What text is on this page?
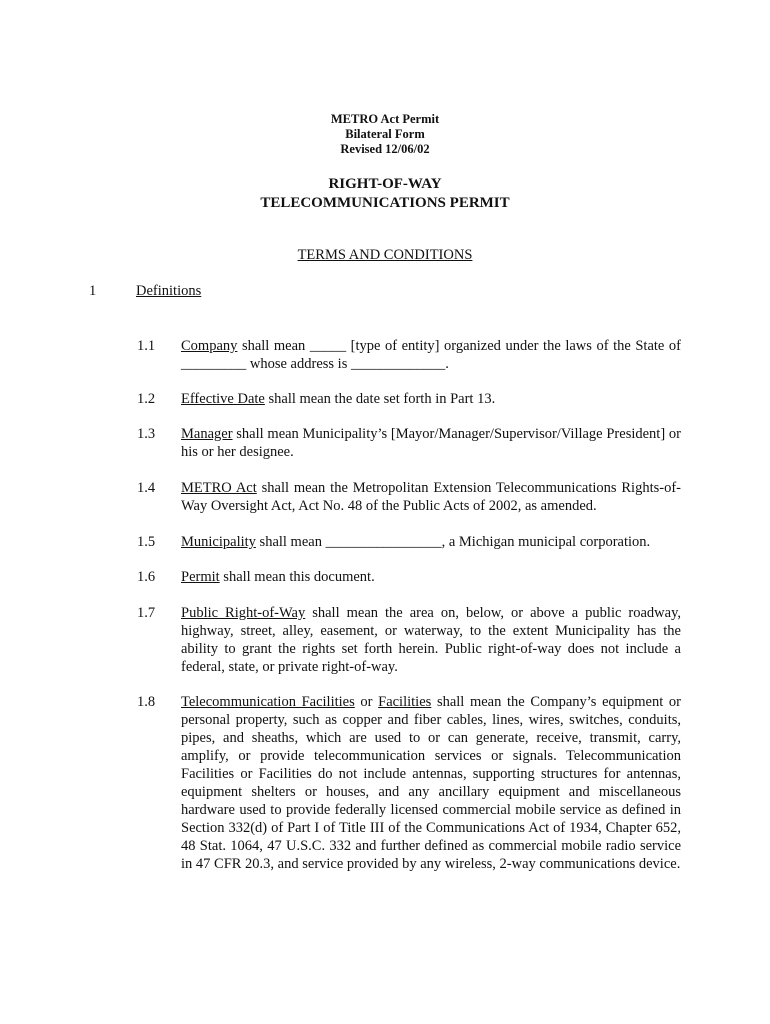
METRO Act Permit
Bilateral Form
Revised 12/06/02
RIGHT-OF-WAY
TELECOMMUNICATIONS PERMIT
TERMS AND CONDITIONS
1	Definitions
1.1 Company shall mean _____ [type of entity] organized under the laws of the State of _________ whose address is _____________.
1.2 Effective Date shall mean the date set forth in Part 13.
1.3 Manager shall mean Municipality’s [Mayor/Manager/Supervisor/Village President] or his or her designee.
1.4 METRO Act shall mean the Metropolitan Extension Telecommunications Rights-of-Way Oversight Act, Act No. 48 of the Public Acts of 2002, as amended.
1.5 Municipality shall mean ________________, a Michigan municipal corporation.
1.6 Permit shall mean this document.
1.7 Public Right-of-Way shall mean the area on, below, or above a public roadway, highway, street, alley, easement, or waterway, to the extent Municipality has the ability to grant the rights set forth herein. Public right-of-way does not include a federal, state, or private right-of-way.
1.8 Telecommunication Facilities or Facilities shall mean the Company’s equipment or personal property, such as copper and fiber cables, lines, wires, switches, conduits, pipes, and sheaths, which are used to or can generate, receive, transmit, carry, amplify, or provide telecommunication services or signals. Telecommunication Facilities or Facilities do not include antennas, supporting structures for antennas, equipment shelters or houses, and any ancillary equipment and miscellaneous hardware used to provide federally licensed commercial mobile service as defined in Section 332(d) of Part I of Title III of the Communications Act of 1934, Chapter 652, 48 Stat. 1064, 47 U.S.C. 332 and further defined as commercial mobile radio service in 47 CFR 20.3, and service provided by any wireless, 2-way communications device.
